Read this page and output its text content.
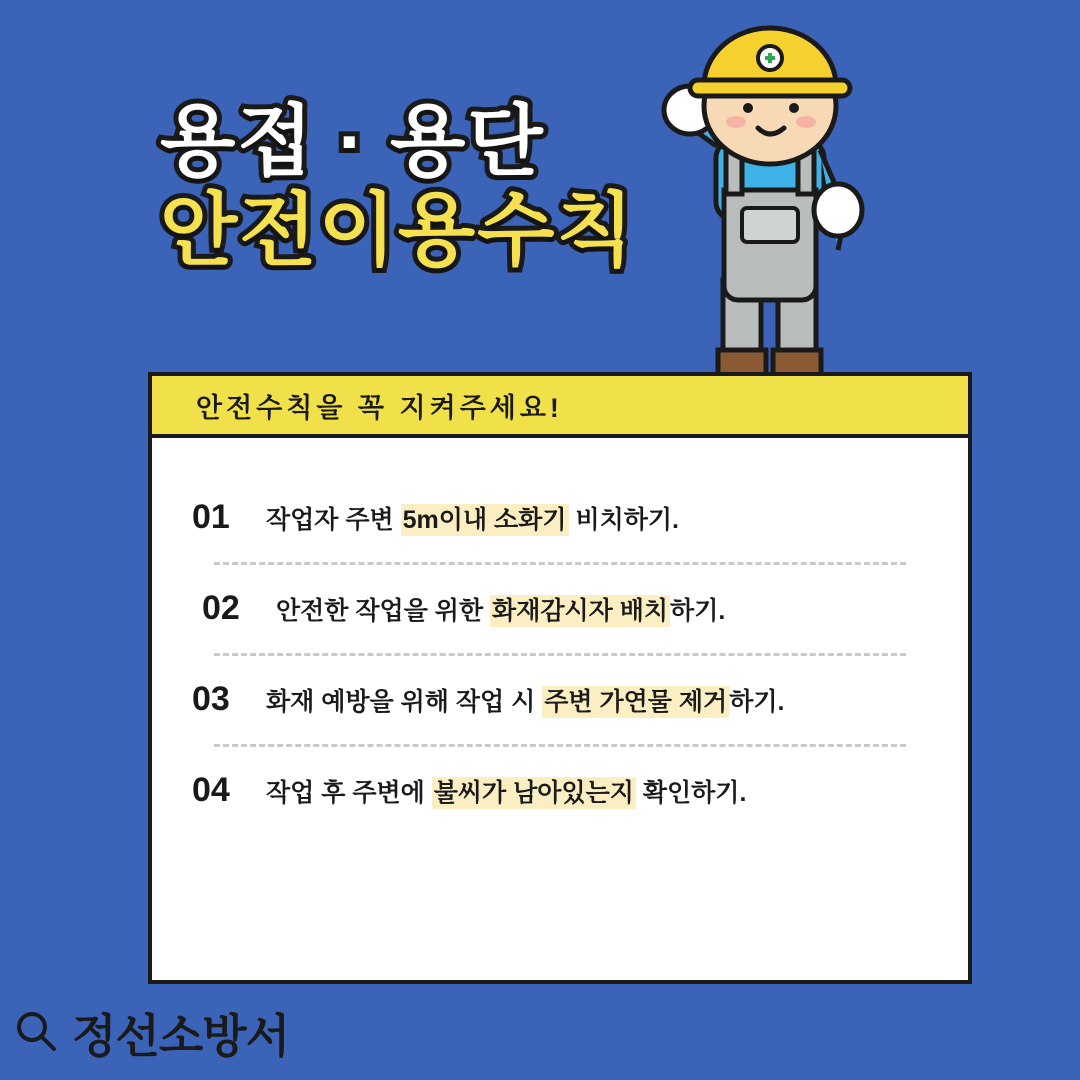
용접 · 용단
안전이용수칙
안전수칙을 꼭 지켜주세요!
01	작업자 주변 5m이내 소화기 비치하기.
02	안전한 작업을 위한 화재감시자 배치하기.
03	화재 예방을 위해 작업 시 주변 가연물 제거하기.
04	작업 후 주변에 불씨가 남아있는지 확인하기.
정선소방서
